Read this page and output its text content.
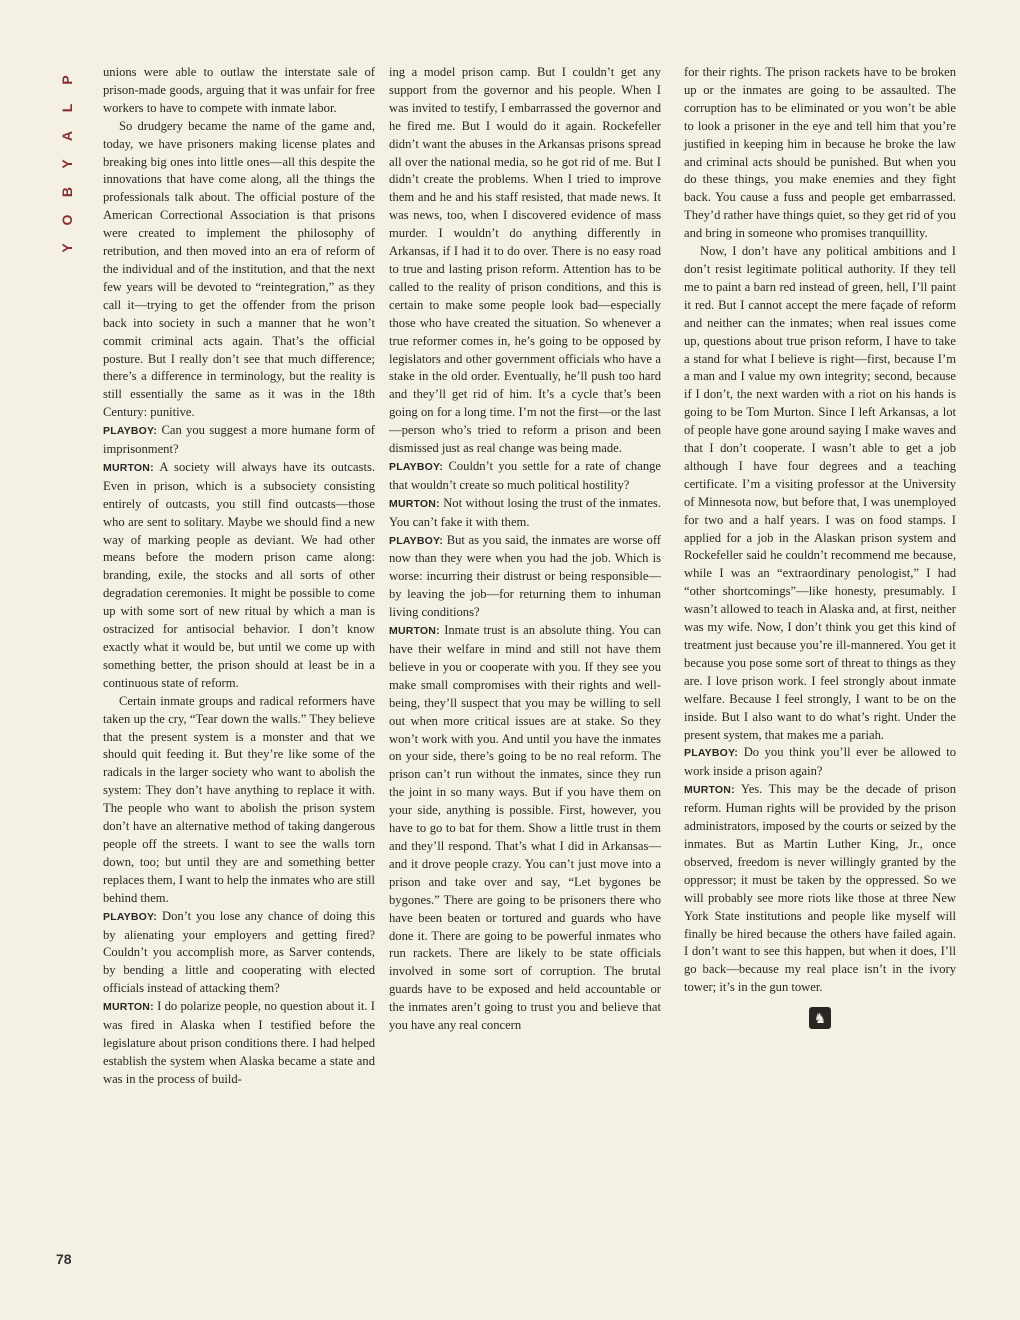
P
L
A
Y
B
O
Y
78

unions were able to outlaw the interstate sale of prison-made goods, arguing that it was unfair for free workers to have to compete with inmate labor.

So drudgery became the name of the game and, today, we have prisoners making license plates and breaking big ones into little ones—all this despite the innovations that have come along, all the things the professionals talk about. The official posture of the American Correctional Association is that prisons were created to implement the philosophy of retribution, and then moved into an era of reform of the individual and of the institution, and that the next few years will be devoted to “reintegration,” as they call it—trying to get the offender from the prison back into society in such a manner that he won’t commit criminal acts again. That’s the official posture. But I really don’t see that much difference; there’s a difference in terminology, but the reality is still essentially the same as it was in the 18th Century: punitive.

PLAYBOY: Can you suggest a more humane form of imprisonment?

MURTON: A society will always have its outcasts. Even in prison, which is a subsociety consisting entirely of outcasts, you still find outcasts—those who are sent to solitary. Maybe we should find a new way of marking people as deviant. We had other means before the modern prison came along: branding, exile, the stocks and all sorts of other degradation ceremonies. It might be possible to come up with some sort of new ritual by which a man is ostracized for antisocial behavior. I don’t know exactly what it would be, but until we come up with something better, the prison should at least be in a continuous state of reform.

Certain inmate groups and radical reformers have taken up the cry, “Tear down the walls.” They believe that the present system is a monster and that we should quit feeding it. But they’re like some of the radicals in the larger society who want to abolish the system: They don’t have anything to replace it with. The people who want to abolish the prison system don’t have an alternative method of taking dangerous people off the streets. I want to see the walls torn down, too; but until they are and something better replaces them, I want to help the inmates who are still behind them.

PLAYBOY: Don’t you lose any chance of doing this by alienating your employers and getting fired? Couldn’t you accomplish more, as Sarver contends, by bending a little and cooperating with elected officials instead of attacking them?

MURTON: I do polarize people, no question about it. I was fired in Alaska when I testified before the legislature about prison conditions there. I had helped establish the system when Alaska became a state and was in the process of build-

ing a model prison camp. But I couldn’t get any support from the governor and his people. When I was invited to testify, I embarrassed the governor and he fired me. But I would do it again. Rockefeller didn’t want the abuses in the Arkansas prisons spread all over the national media, so he got rid of me. But I didn’t create the problems. When I tried to improve them and he and his staff resisted, that made news. It was news, too, when I discovered evidence of mass murder. I wouldn’t do anything differently in Arkansas, if I had it to do over. There is no easy road to true and lasting prison reform. Attention has to be called to the reality of prison conditions, and this is certain to make some people look bad—especially those who have created the situation. So whenever a true reformer comes in, he’s going to be opposed by legislators and other government officials who have a stake in the old order. Eventually, he’ll push too hard and they’ll get rid of him. It’s a cycle that’s been going on for a long time. I’m not the first—or the last—person who’s tried to reform a prison and been dismissed just as real change was being made.

PLAYBOY: Couldn’t you settle for a rate of change that wouldn’t create so much political hostility?

MURTON: Not without losing the trust of the inmates. You can’t fake it with them.

PLAYBOY: But as you said, the inmates are worse off now than they were when you had the job. Which is worse: incurring their distrust or being responsible—by leaving the job—for returning them to inhuman living conditions?

MURTON: Inmate trust is an absolute thing. You can have their welfare in mind and still not have them believe in you or cooperate with you. If they see you make small compromises with their rights and well-being, they’ll suspect that you may be willing to sell out when more critical issues are at stake. So they won’t work with you. And until you have the inmates on your side, there’s going to be no real reform. The prison can’t run without the inmates, since they run the joint in so many ways. But if you have them on your side, anything is possible. First, however, you have to go to bat for them. Show a little trust in them and they’ll respond. That’s what I did in Arkansas—and it drove people crazy. You can’t just move into a prison and take over and say, “Let bygones be bygones.” There are going to be prisoners there who have been beaten or tortured and guards who have done it. There are going to be powerful inmates who run rackets. There are likely to be state officials involved in some sort of corruption. The brutal guards have to be exposed and held accountable or the inmates aren’t going to trust you and believe that you have any real concern

for their rights. The prison rackets have to be broken up or the inmates are going to be assaulted. The corruption has to be eliminated or you won’t be able to look a prisoner in the eye and tell him that you’re justified in keeping him in because he broke the law and criminal acts should be punished. But when you do these things, you make enemies and they fight back. You cause a fuss and people get embarrassed. They’d rather have things quiet, so they get rid of you and bring in someone who promises tranquillity.

Now, I don’t have any political ambitions and I don’t resist legitimate political authority. If they tell me to paint a barn red instead of green, hell, I’ll paint it red. But I cannot accept the mere façade of reform and neither can the inmates; when real issues come up, questions about true prison reform, I have to take a stand for what I believe is right—first, because I’m a man and I value my own integrity; second, because if I don’t, the next warden with a riot on his hands is going to be Tom Murton. Since I left Arkansas, a lot of people have gone around saying I make waves and that I don’t cooperate. I wasn’t able to get a job although I have four degrees and a teaching certificate. I’m a visiting professor at the University of Minnesota now, but before that, I was unemployed for two and a half years. I was on food stamps. I applied for a job in the Alaskan prison system and Rockefeller said he couldn’t recommend me because, while I was an “extraordinary penologist,” I had “other shortcomings”—like honesty, presumably. I wasn’t allowed to teach in Alaska and, at first, neither was my wife. Now, I don’t think you get this kind of treatment just because you’re ill-mannered. You get it because you pose some sort of threat to things as they are. I love prison work. I feel strongly about inmate welfare. Because I feel strongly, I want to be on the inside. But I also want to do what’s right. Under the present system, that makes me a pariah.

PLAYBOY: Do you think you’ll ever be allowed to work inside a prison again?

MURTON: Yes. This may be the decade of prison reform. Human rights will be provided by the prison administrators, imposed by the courts or seized by the inmates. But as Martin Luther King, Jr., once observed, freedom is never willingly granted by the oppressor; it must be taken by the oppressed. So we will probably see more riots like those at three New York State institutions and people like myself will finally be hired because the others have failed again. I don’t want to see this happen, but when it does, I’ll go back—because my real place isn’t in the ivory tower; it’s in the gun tower.

♞
